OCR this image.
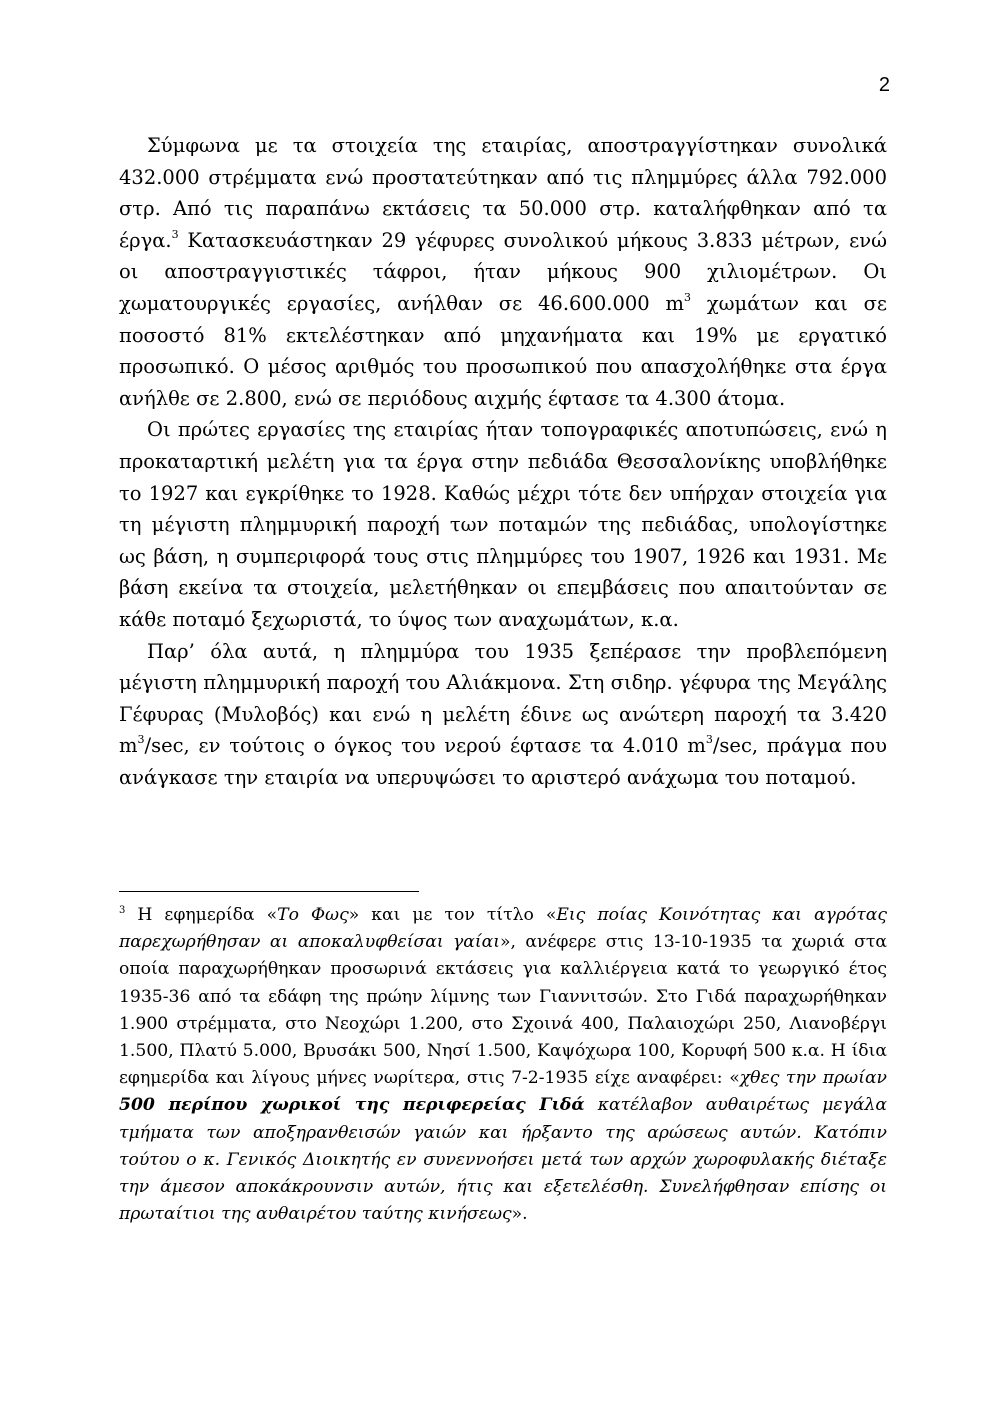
2

Σύμφωνα με τα στοιχεία της εταιρίας, αποστραγγίστηκαν συνολικά 432.000 στρέμματα ενώ προστατεύτηκαν από τις πλημμύρες άλλα 792.000 στρ. Από τις παραπάνω εκτάσεις τα 50.000 στρ. καταλήφθηκαν από τα έργα.$^3$ Κατασκευάστηκαν 29 γέφυρες συνολικού μήκους 3.833 μέτρων, ενώ οι αποστραγγιστικές τάφροι, ήταν μήκους 900 χιλιομέτρων. Οι χωματουργικές εργασίες, ανήλθαν σε 46.600.000 $m^3$ χωμάτων και σε ποσοστό 81% εκτελέστηκαν από μηχανήματα και 19% με εργατικό προσωπικό. Ο μέσος αριθμός του προσωπικού που απασχολήθηκε στα έργα ανήλθε σε 2.800, ενώ σε περιόδους αιχμής έφτασε τα 4.300 άτομα.

Οι πρώτες εργασίες της εταιρίας ήταν τοπογραφικές αποτυπώσεις, ενώ η προκαταρτική μελέτη για τα έργα στην πεδιάδα Θεσσαλονίκης υποβλήθηκε το 1927 και εγκρίθηκε το 1928. Καθώς μέχρι τότε δεν υπήρχαν στοιχεία για τη μέγιστη πλημμυρική παροχή των ποταμών της πεδιάδας, υπολογίστηκε ως βάση, η συμπεριφορά τους στις πλημμύρες του 1907, 1926 και 1931. Με βάση εκείνα τα στοιχεία, μελετήθηκαν οι επεμβάσεις που απαιτούνταν σε κάθε ποταμό ξεχωριστά, το ύψος των αναχωμάτων, κ.α.

Παρ’ όλα αυτά, η πλημμύρα του 1935 ξεπέρασε την προβλεπόμενη μέγιστη πλημμυρική παροχή του Αλιάκμονα. Στη σιδηρ. γέφυρα της Μεγάλης Γέφυρας (Μυλοβός) και ενώ η μελέτη έδινε ως ανώτερη παροχή τα 3.420 $m^3/\sec$, εν τούτοις ο όγκος του νερού έφτασε τα 4.010 $m^3/\sec$, πράγμα που ανάγκασε την εταιρία να υπερυψώσει το αριστερό ανάχωμα του ποταμού.

$^3$ Η εφημερίδα «Το Φως» και με τον τίτλο «Εις ποίας Κοινότητας και αγρότας παρεχωρήθησαν αι αποκαλυφθείσαι γαίαι», ανέφερε στις 13-10-1935 τα χωριά στα οποία παραχωρήθηκαν προσωρινά εκτάσεις για καλλιέργεια κατά το γεωργικό έτος 1935-36 από τα εδάφη της πρώην λίμνης των Γιαννιτσών. Στο Γιδά παραχωρήθηκαν 1.900 στρέμματα, στο Νεοχώρι 1.200, στο Σχοινά 400, Παλαιοχώρι 250, Λιανοβέργι 1.500, Πλατύ 5.000, Βρυσάκι 500, Νησί 1.500, Καψόχωρα 100, Κορυφή 500 κ.α. Η ίδια εφημερίδα και λίγους μήνες νωρίτερα, στις 7-2-1935 είχε αναφέρει: «χθες την πρωίαν 500 περίπου χωρικοί της περιφερείας Γιδά κατέλαβον αυθαιρέτως μεγάλα τμήματα των αποξηρανθεισών γαιών και ήρξαντο της αρώσεως αυτών. Κατόπιν τούτου ο κ. Γενικός Διοικητής εν συνεννοήσει μετά των αρχών χωροφυλακής διέταξε την άμεσον αποκάκρουνσιν αυτών, ήτις και εξετελέσθη. Συνελήφθησαν επίσης οι πρωταίτιοι της αυθαιρέτου ταύτης κινήσεως».
